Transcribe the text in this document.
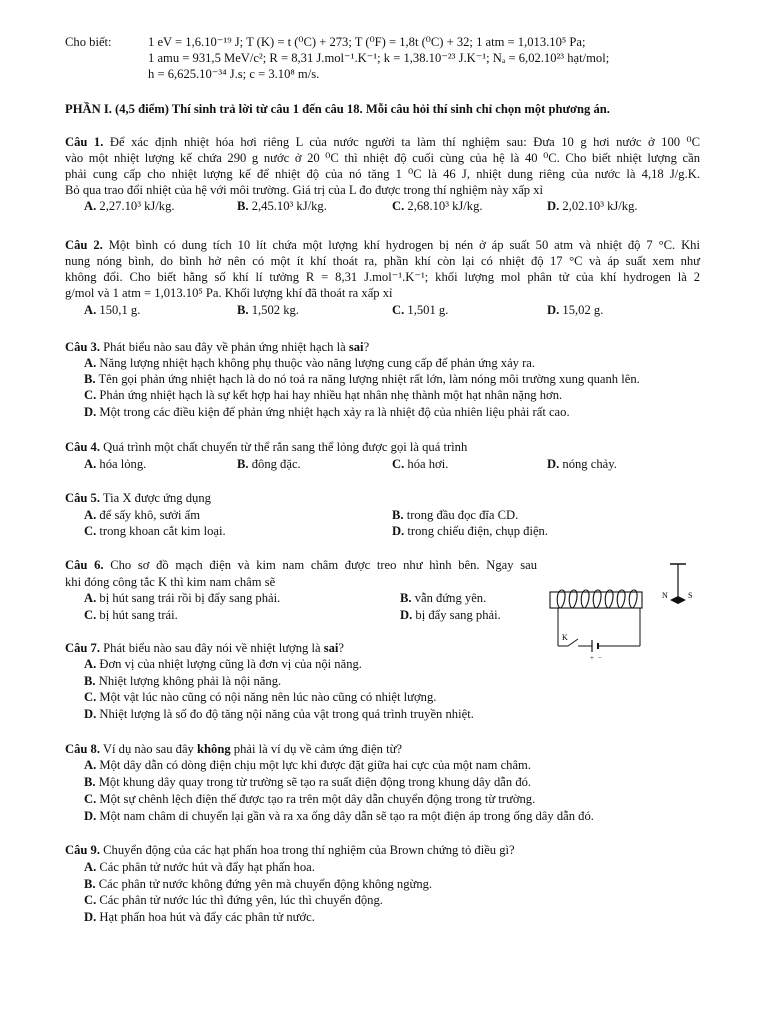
Cho biết:	1 eV = 1,6.10⁻¹⁹ J; T (K) = t (⁰C) + 273; T (⁰F) = 1,8t (⁰C) + 32; 1 atm = 1,013.10⁵ Pa;
1 amu = 931,5 MeV/c²; R = 8,31 J.mol⁻¹.K⁻¹; k = 1,38.10⁻²³ J.K⁻¹; Nₐ = 6,02.10²³ hạt/mol;
h = 6,625.10⁻³⁴ J.s; c = 3.10⁸ m/s.
PHẦN I. (4,5 điểm) Thí sinh trả lời từ câu 1 đến câu 18. Mỗi câu hỏi thí sinh chỉ chọn một phương án.
Câu 1. Để xác định nhiệt hóa hơi riêng L của nước người ta làm thí nghiệm sau: Đưa 10 g hơi nước ở 100 ⁰C
vào một nhiệt lượng kế chứa 290 g nước ở 20 ⁰C thì nhiệt độ cuối cùng của hệ là 40 ⁰C. Cho biết nhiệt lượng cần
phải cung cấp cho nhiệt lượng kế để nhiệt độ của nó tăng 1 ⁰C là 46 J, nhiệt dung riêng của nước là 4,18 J/g.K.
Bỏ qua trao đổi nhiệt của hệ với môi trường. Giá trị của L đo được trong thí nghiệm này xấp xỉ
A. 2,27.10³ kJ/kg.	B. 2,45.10³ kJ/kg.	C. 2,68.10³ kJ/kg.	D. 2,02.10³ kJ/kg.
Câu 2. Một bình có dung tích 10 lít chứa một lượng khí hydrogen bị nén ở áp suất 50 atm và nhiệt độ 7 °C. Khi
nung nóng bình, do bình hở nên có một ít khí thoát ra, phần khí còn lại có nhiệt độ 17 °C và áp suất xem như
không đổi. Cho biết hằng số khí lí tưởng R = 8,31 J.mol⁻¹.K⁻¹; khối lượng mol phân tử của khí hydrogen là 2
g/mol và 1 atm = 1,013.10⁵ Pa. Khối lượng khí đã thoát ra xấp xỉ
A. 150,1 g.	B. 1,502 kg.	C. 1,501 g.	D. 15,02 g.
Câu 3. Phát biểu nào sau đây về phản ứng nhiệt hạch là sai?
A. Năng lượng nhiệt hạch không phụ thuộc vào năng lượng cung cấp để phản ứng xảy ra.
B. Tên gọi phản ứng nhiệt hạch là do nó toả ra năng lượng nhiệt rất lớn, làm nóng môi trường xung quanh lên.
C. Phản ứng nhiệt hạch là sự kết hợp hai hay nhiều hạt nhân nhẹ thành một hạt nhân nặng hơn.
D. Một trong các điều kiện để phản ứng nhiệt hạch xảy ra là nhiệt độ của nhiên liệu phải rất cao.
Câu 4. Quá trình một chất chuyển từ thể rắn sang thể lỏng được gọi là quá trình
A. hóa lỏng.	B. đông đặc.	C. hóa hơi.	D. nóng chảy.
Câu 5. Tia X được ứng dụng
A. để sấy khô, sưởi ấm	B. trong đầu đọc đĩa CD.
C. trong khoan cắt kim loại.	D. trong chiếu điện, chụp điện.
Câu 6. Cho sơ đồ mạch điện và kim nam châm được treo như hình bên. Ngay sau
khi đóng công tắc K thì kim nam châm sẽ
A. bị hút sang trái rồi bị đẩy sang phải.	B. vẫn đứng yên.
C. bị hút sang trái.	D. bị đẩy sang phải.
K
+ −
N	S
Câu 7. Phát biểu nào sau đây nói về nhiệt lượng là sai?
A. Đơn vị của nhiệt lượng cũng là đơn vị của nội năng.
B. Nhiệt lượng không phải là nội năng.
C. Một vật lúc nào cũng có nội năng nên lúc nào cũng có nhiệt lượng.
D. Nhiệt lượng là số đo độ tăng nội năng của vật trong quá trình truyền nhiệt.
Câu 8. Ví dụ nào sau đây không phải là ví dụ về cảm ứng điện từ?
A. Một dây dẫn có dòng điện chịu một lực khi được đặt giữa hai cực của một nam châm.
B. Một khung dây quay trong từ trường sẽ tạo ra suất điện động trong khung dây dẫn đó.
C. Một sự chênh lệch điện thế được tạo ra trên một dây dẫn chuyển động trong từ trường.
D. Một nam châm di chuyển lại gần và ra xa ống dây dẫn sẽ tạo ra một điện áp trong ống dây dẫn đó.
Câu 9. Chuyển động của các hạt phấn hoa trong thí nghiệm của Brown chứng tỏ điều gì?
A. Các phân tử nước hút và đẩy hạt phấn hoa.
B. Các phân tử nước không đứng yên mà chuyển động không ngừng.
C. Các phân tử nước lúc thì đứng yên, lúc thì chuyển động.
D. Hạt phấn hoa hút và đẩy các phân tử nước.
